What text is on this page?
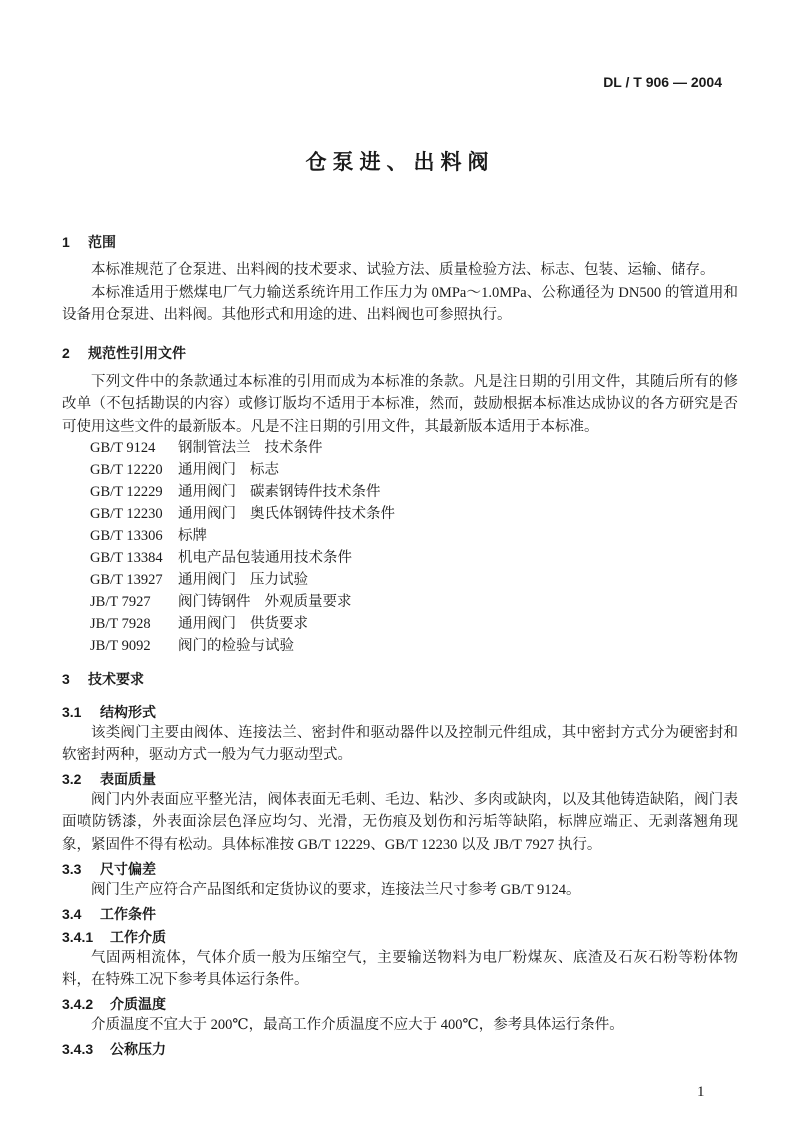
DL / T 906 — 2004
仓泵进、出料阀
1 范围
本标准规范了仓泵进、出料阀的技术要求、试验方法、质量检验方法、标志、包装、运输、储存。
本标准适用于燃煤电厂气力输送系统许用工作压力为 0MPa～1.0MPa、公称通径为 DN500 的管道用和设备用仓泵进、出料阀。其他形式和用途的进、出料阀也可参照执行。
2 规范性引用文件
下列文件中的条款通过本标准的引用而成为本标准的条款。凡是注日期的引用文件，其随后所有的修改单（不包括勘误的内容）或修订版均不适用于本标准，然而，鼓励根据本标准达成协议的各方研究是否可使用这些文件的最新版本。凡是不注日期的引用文件，其最新版本适用于本标准。
GB/T 9124 钢制管法兰 技术条件
GB/T 12220 通用阀门 标志
GB/T 12229 通用阀门 碳素钢铸件技术条件
GB/T 12230 通用阀门 奥氏体钢铸件技术条件
GB/T 13306 标牌
GB/T 13384 机电产品包装通用技术条件
GB/T 13927 通用阀门 压力试验
JB/T 7927 阀门铸钢件 外观质量要求
JB/T 7928 通用阀门 供货要求
JB/T 9092 阀门的检验与试验
3 技术要求
3.1 结构形式
该类阀门主要由阀体、连接法兰、密封件和驱动器件以及控制元件组成，其中密封方式分为硬密封和软密封两种，驱动方式一般为气力驱动型式。
3.2 表面质量
阀门内外表面应平整光洁，阀体表面无毛刺、毛边、粘沙、多肉或缺肉，以及其他铸造缺陷，阀门表面喷防锈漆，外表面涂层色泽应均匀、光滑，无伤痕及划伤和污垢等缺陷，标牌应端正、无剥落翘角现象，紧固件不得有松动。具体标准按 GB/T 12229、GB/T 12230 以及 JB/T 7927 执行。
3.3 尺寸偏差
阀门生产应符合产品图纸和定货协议的要求，连接法兰尺寸参考 GB/T 9124。
3.4 工作条件
3.4.1 工作介质
气固两相流体，气体介质一般为压缩空气，主要输送物料为电厂粉煤灰、底渣及石灰石粉等粉体物料，在特殊工况下参考具体运行条件。
3.4.2 介质温度
介质温度不宜大于 200℃，最高工作介质温度不应大于 400℃，参考具体运行条件。
3.4.3 公称压力
1
